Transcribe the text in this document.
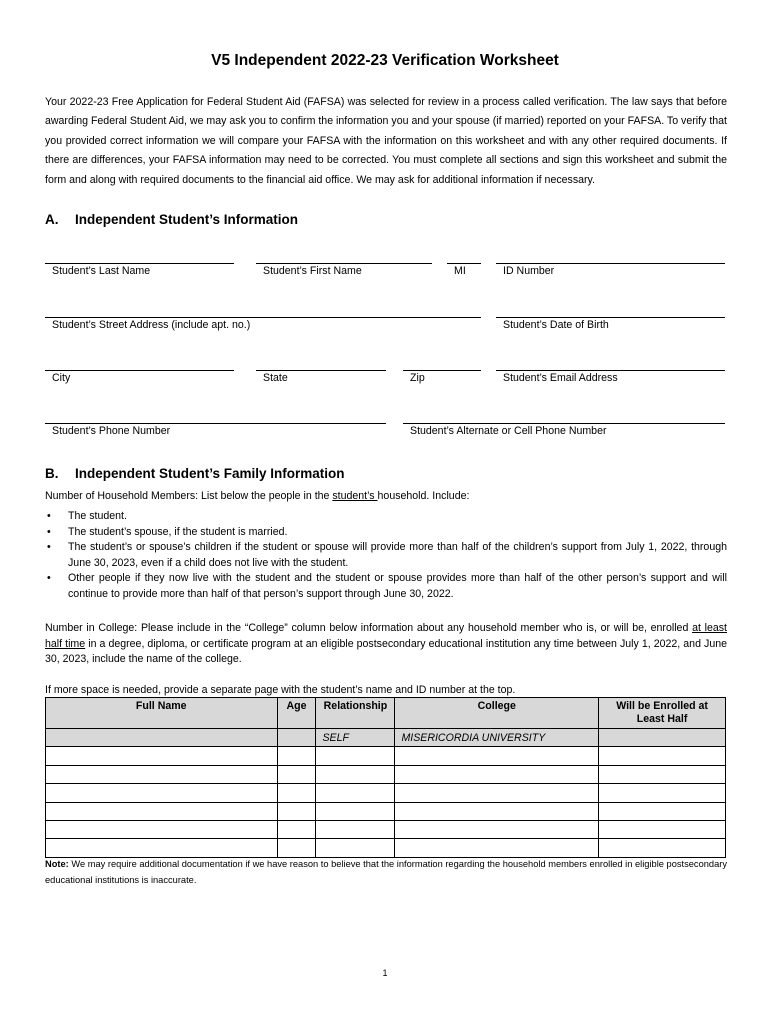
V5 Independent 2022-23 Verification Worksheet
Your 2022-23 Free Application for Federal Student Aid (FAFSA) was selected for review in a process called verification. The law says that before awarding Federal Student Aid, we may ask you to confirm the information you and your spouse (if married) reported on your FAFSA. To verify that you provided correct information we will compare your FAFSA with the information on this worksheet and with any other required documents. If there are differences, your FAFSA information may need to be corrected. You must complete all sections and sign this worksheet and submit the form and along with required documents to the financial aid office. We may ask for additional information if necessary.
A. Independent Student’s Information
Student’s Last Name	Student’s First Name	MI	ID Number
Student’s Street Address (include apt. no.)	Student’s Date of Birth
City	State	Zip	Student’s Email Address
Student’s Phone Number	Student’s Alternate or Cell Phone Number
B. Independent Student’s Family Information
Number of Household Members: List below the people in the student’s household. Include:
• The student.
• The student’s spouse, if the student is married.
• The student’s or spouse’s children if the student or spouse will provide more than half of the children’s support from July 1, 2022, through June 30, 2023, even if a child does not live with the student.
• Other people if they now live with the student and the student or spouse provides more than half of the other person’s support and will continue to provide more than half of that person’s support through June 30, 2022.
Number in College: Please include in the “College” column below information about any household member who is, or will be, enrolled at least half time in a degree, diploma, or certificate program at an eligible postsecondary educational institution any time between July 1, 2022, and June 30, 2023, include the name of the college.
If more space is needed, provide a separate page with the student’s name and ID number at the top.
Full Name	Age	Relationship	College	Will be Enrolled at Least Half
		SELF	MISERICORDIA UNIVERSITY	

Note: We may require additional documentation if we have reason to believe that the information regarding the household members enrolled in eligible postsecondary educational institutions is inaccurate.
1
